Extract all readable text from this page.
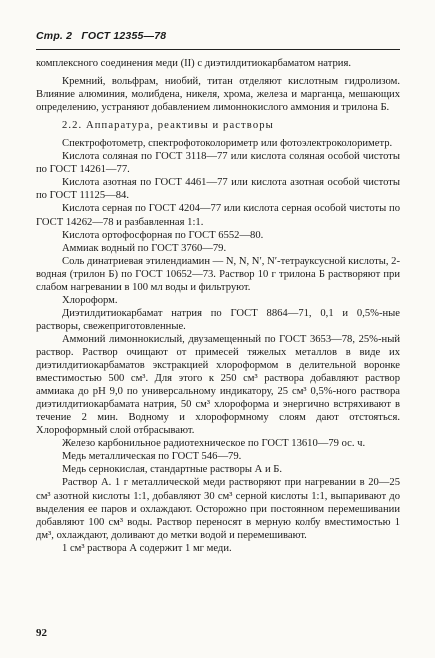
Стр. 2 ГОСТ 12355—78

комплексного соединения меди (II) с диэтилдитиокарбаматом натрия.

Кремний, вольфрам, ниобий, титан отделяют кислотным гидролизом. Влияние алюминия, молибдена, никеля, хрома, железа и марганца, мешающих определению, устраняют добавлением лимоннокислого аммония и трилона Б.

2.2. Аппаратура, реактивы и растворы

Спектрофотометр, спектрофотоколориметр или фотоэлектроколориметр.

Кислота соляная по ГОСТ 3118—77 или кислота соляная особой чистоты по ГОСТ 14261—77.

Кислота азотная по ГОСТ 4461—77 или кислота азотная особой чистоты по ГОСТ 11125—84.

Кислота серная по ГОСТ 4204—77 или кислота серная особой чистоты по ГОСТ 14262—78 и разбавленная 1:1.

Кислота ортофосфорная по ГОСТ 6552—80.

Аммиак водный по ГОСТ 3760—79.

Соль динатриевая этилендиамин — N, N, N′, N′-тетрауксусной кислоты, 2-водная (трилон Б) по ГОСТ 10652—73. Раствор 10 г трилона Б растворяют при слабом нагревании в 100 мл воды и фильтруют.

Хлороформ.

Диэтилдитиокарбамат натрия по ГОСТ 8864—71, 0,1 и 0,5%-ные растворы, свежеприготовленные.

Аммоний лимоннокислый, двузамещенный по ГОСТ 3653—78, 25%-ный раствор. Раствор очищают от примесей тяжелых металлов в виде их диэтилдитиокарбаматов экстракцией хлороформом в делительной воронке вместимостью 500 см³. Для этого к 250 см³ раствора добавляют раствор аммиака до pH 9,0 по универсальному индикатору, 25 см³ 0,5%-ного раствора диэтилдитиокарбамата натрия, 50 см³ хлороформа и энергично встряхивают в течение 2 мин. Водному и хлороформному слоям дают отстояться. Хлороформный слой отбрасывают.

Железо карбонильное радиотехническое по ГОСТ 13610—79 ос. ч.

Медь металлическая по ГОСТ 546—79.

Медь сернокислая, стандартные растворы А и Б.

Раствор А. 1 г металлической меди растворяют при нагревании в 20—25 см³ азотной кислоты 1:1, добавляют 30 см³ серной кислоты 1:1, выпаривают до выделения ее паров и охлаждают. Осторожно при постоянном перемешивании добавляют 100 см³ воды. Раствор переносят в мерную колбу вместимостью 1 дм³, охлаждают, доливают до метки водой и перемешивают.

1 см³ раствора А содержит 1 мг меди.

92
